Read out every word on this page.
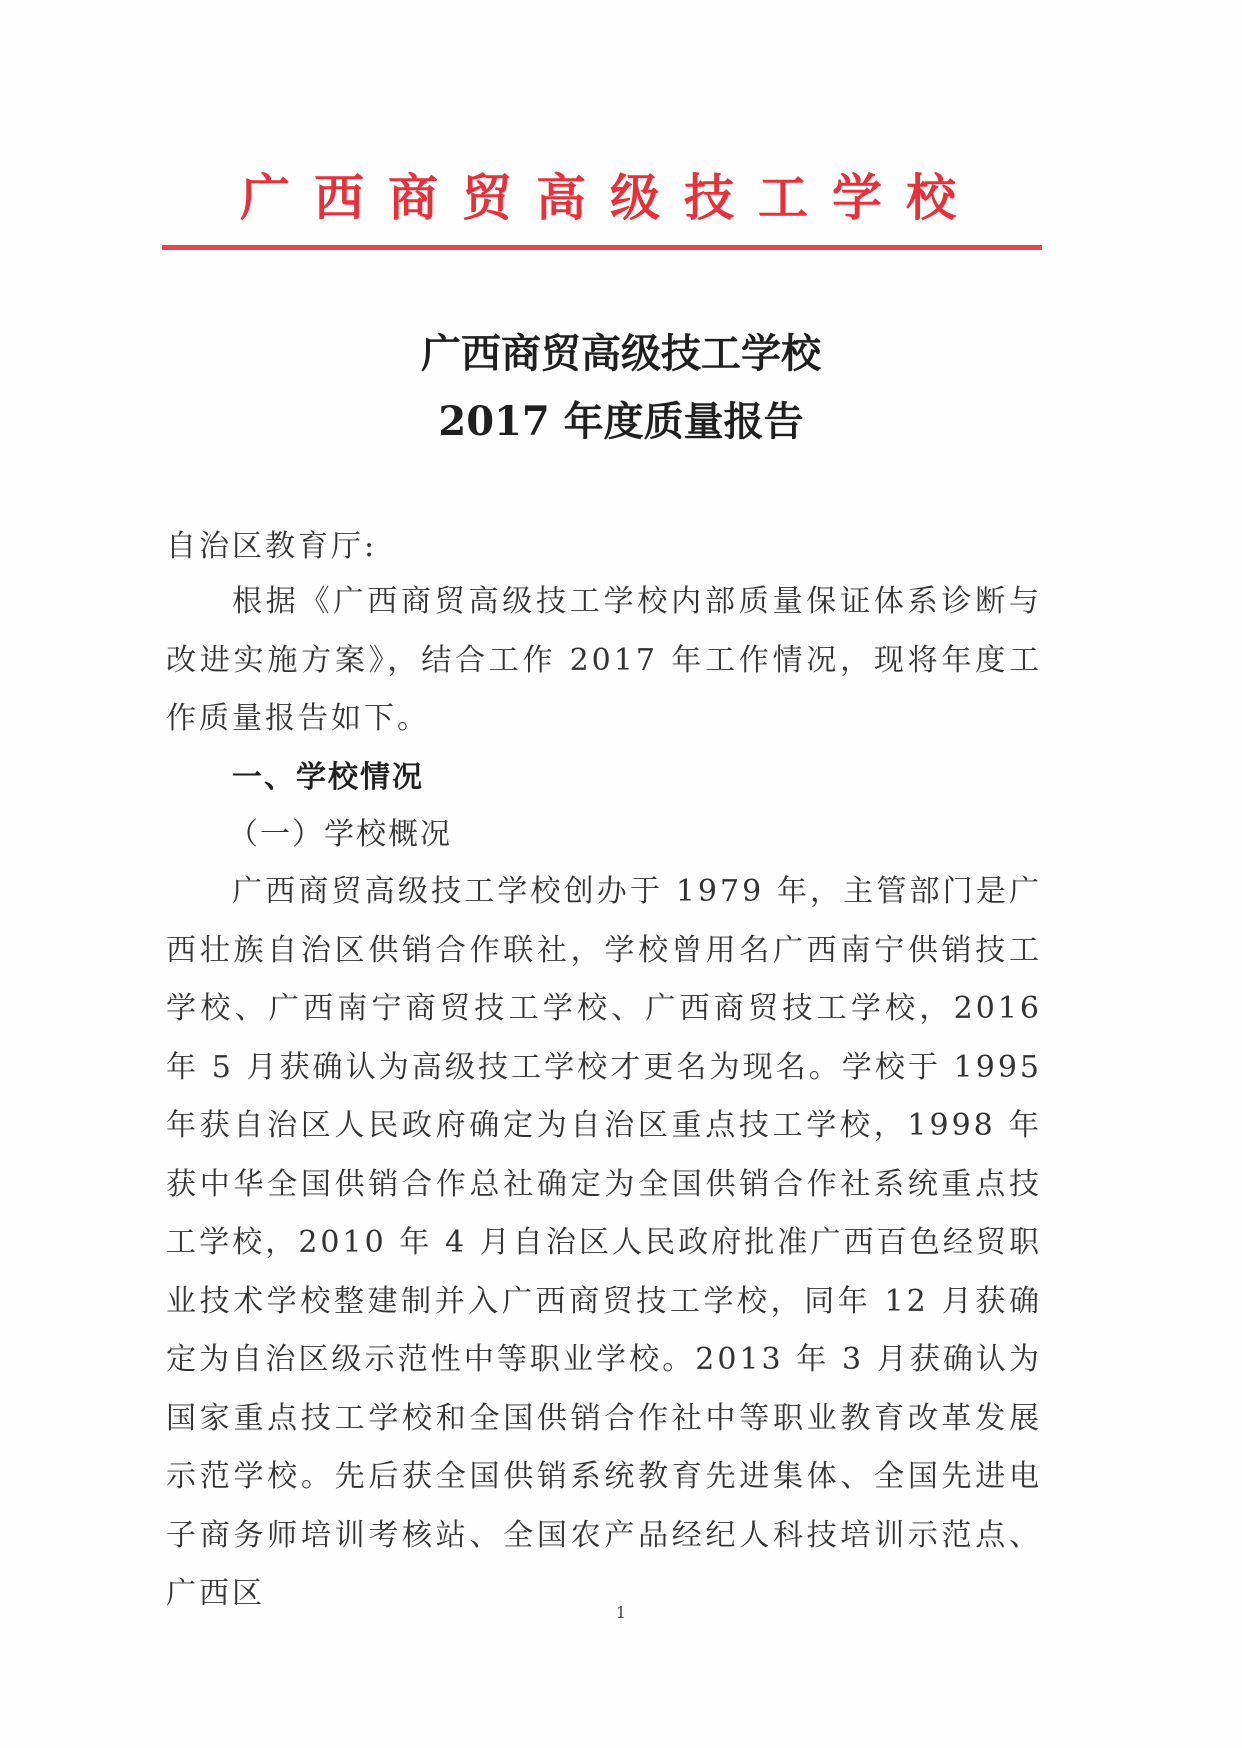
广西商贸高级技工学校
广西商贸高级技工学校
2017 年度质量报告
自治区教育厅:

根据《广西商贸高级技工学校内部质量保证体系诊断与改进实施方案》，结合工作 2017 年工作情况，现将年度工作质量报告如下。

一、学校情况
（一）学校概况

广西商贸高级技工学校创办于 1979 年，主管部门是广西壮族自治区供销合作联社，学校曾用名广西南宁供销技工学校、广西南宁商贸技工学校、广西商贸技工学校，2016 年 5 月获确认为高级技工学校才更名为现名。学校于 1995 年获自治区人民政府确定为自治区重点技工学校，1998 年获中华全国供销合作总社确定为全国供销合作社系统重点技工学校，2010 年 4 月自治区人民政府批准广西百色经贸职业技术学校整建制并入广西商贸技工学校，同年 12 月获确定为自治区级示范性中等职业学校。2013 年 3 月获确认为国家重点技工学校和全国供销合作社中等职业教育改革发展示范学校。先后获全国供销系统教育先进集体、全国先进电子商务师培训考核站、全国农产品经纪人科技培训示范点、广西区

1
